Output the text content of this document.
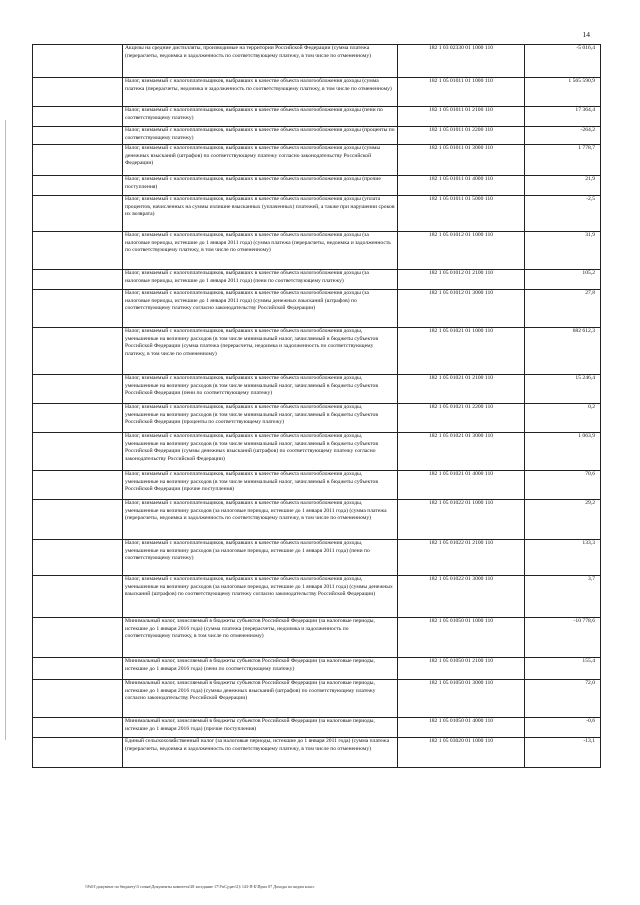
14
	Акцизы на средние дистилляты, производимые на территории Российской Федерации (сумма платежа (перерасчеты, недоимка и задолженность по соответствующему платежу, в том числе по отмененному)	182 1 03 02330 01 1000 110	-5 016,4
	Налог, взимаемый с налогоплательщиков, выбравших в качестве объекта налогообложения доходы (сумма платежа (перерасчеты, недоимка и задолженность по соответствующему платежу, в том числе по отмененному)	182 1 05 01011 01 1000 110	1 565 590,9
	Налог, взимаемый с налогоплательщиков, выбравших в качестве объекта налогообложения доходы (пени по соответствующему платежу)	182 1 05 01011 01 2100 110	17 364,4
	Налог, взимаемый с налогоплательщиков, выбравших в качестве объекта налогообложения доходы (проценты по соответствующему платежу)	182 1 05 01011 01 2200 110	-264,2
	Налог, взимаемый с налогоплательщиков, выбравших в качестве объекта налогообложения доходы (суммы денежных взысканий (штрафов) по соответствующему платежу согласно законодательству Российской Федерации)	182 1 05 01011 01 3000 110	1 778,7
	Налог, взимаемый с налогоплательщиков, выбравших в качестве объекта налогообложения доходы (прочие поступления)	182 1 05 01011 01 4000 110	21,9
	Налог, взимаемый с налогоплательщиков, выбравших в качестве объекта налогообложения доходы (уплата процентов, начисленных на суммы излишне взысканных (уплаченных) платежей, а также при нарушении сроков их возврата)	182 1 05 01011 01 5000 110	-2,5
	Налог, взимаемый с налогоплательщиков, выбравших в качестве объекта налогообложения доходы (за налоговые периоды, истекшие до 1 января 2011 года) (сумма платежа (перерасчеты, недоимка и задолженность по соответствующему платежу, в том числе по отмененному)	182 1 05 01012 01 1000 110	31,9
	Налог, взимаемый с налогоплательщиков, выбравших в качестве объекта налогообложения доходы (за налоговые периоды, истекшие до 1 января 2011 года) (пени по соответствующему платежу)	182 1 05 01012 01 2100 110	105,2
	Налог, взимаемый с налогоплательщиков, выбравших в качестве объекта налогообложения доходы (за налоговые периоды, истекшие до 1 января 2011 года) (суммы денежных взысканий (штрафов) по соответствующему платежу согласно законодательству Российской Федерации)	182 1 05 01012 01 3000 110	27,8
	Налог, взимаемый с налогоплательщиков, выбравших в качестве объекта налогообложения доходы, уменьшенные на величину расходов (в том числе минимальный налог, зачисляемый в бюджеты субъектов Российской Федерации (сумма платежа (перерасчеты, недоимка и задолженность по соответствующему платежу, в том числе по отмененному)	182 1 05 01021 01 1000 110	682 612,3
	Налог, взимаемый с налогоплательщиков, выбравших в качестве объекта налогообложения доходы, уменьшенные на величину расходов (в том числе минимальный налог, зачисляемый в бюджеты субъектов Российской Федерации (пени по соответствующему платежу)	182 1 05 01021 01 2100 110	15 246,4
	Налог, взимаемый с налогоплательщиков, выбравших в качестве объекта налогообложения доходы, уменьшенные на величину расходов (в том числе минимальный налог, зачисляемый в бюджеты субъектов Российской Федерации (проценты по соответствующему платежу)	182 1 05 01021 01 2200 110	0,2
	Налог, взимаемый с налогоплательщиков, выбравших в качестве объекта налогообложения доходы, уменьшенные на величину расходов (в том числе минимальный налог, зачисляемый в бюджеты субъектов Российской Федерации (суммы денежных взысканий (штрафов) по соответствующему платежу согласно законодательству Российской Федерации)	182 1 05 01021 01 3000 110	1 063,9
	Налог, взимаемый с налогоплательщиков, выбравших в качестве объекта налогообложения доходы, уменьшенные на величину расходов (в том числе минимальный налог, зачисляемый в бюджеты субъектов Российской Федерации (прочие поступления)	182 1 05 01021 01 4000 110	70,6
	Налог, взимаемый с налогоплательщиков, выбравших в качестве объекта налогообложения доходы, уменьшенные на величину расходов (за налоговые периоды, истекшие до 1 января 2011 года) (сумма платежа (перерасчеты, недоимка и задолженность по соответствующему платежу, в том числе по отмененному)	182 1 05 01022 01 1000 110	29,2
	Налог, взимаемый с налогоплательщиков, выбравших в качестве объекта налогообложения доходы, уменьшенные на величину расходов (за налоговые периоды, истекшие до 1 января 2011 года) (пени по соответствующему платежу)	182 1 05 01022 01 2100 110	133,3
	Налог, взимаемый с налогоплательщиков, выбравших в качестве объекта налогообложения доходы, уменьшенные на величину расходов (за налоговые периоды, истекшие до 1 января 2011 года) (суммы денежных взысканий (штрафов) по соответствующему платежу согласно законодательству Российской Федерации)	182 1 05 01022 01 3000 110	3,7
	Минимальный налог, зачисляемый в бюджеты субъектов Российской Федерации (за налоговые периоды, истекшие до 1 января 2016 года) (сумма платежа (перерасчеты, недоимка и задолженность по соответствующему платежу, в том числе по отмененному)	182 1 05 01050 01 1000 110	-10 778,6
	Минимальный налог, зачисляемый в бюджеты субъектов Российской Федерации (за налоговые периоды, истекшие до 1 января 2016 года) (пени по соответствующему платежу)	182 1 05 01050 01 2100 110	155,4
	Минимальный налог, зачисляемый в бюджеты субъектов Российской Федерации (за налоговые периоды, истекшие до 1 января 2016 года) (суммы денежных взысканий (штрафов) по соответствующему платежу согласно законодательству Российской Федерации)	182 1 05 01050 01 3000 110	72,0
	Минимальный налог, зачисляемый в бюджеты субъектов Российской Федерации (за налоговые периоды, истекшие до 1 января 2016 года) (прочие поступления)	182 1 05 01050 01 4000 110	-0,6
	Единый сельскохозяйственный налог (за налоговые периоды, истекшие до 1 января 2011 года) (сумма платежа (перерасчеты, недоимка и задолженность по соответствующему платежу, в том числе по отмененному)	182 1 05 03020 01 1000 110	-13,1
\\Fs01\документ по бюджету\3 созыв\Документы комитета\28 заседание 17\УпСудит\2)\ 143-П-Б\Прил 07 Доходы по кодам класс
